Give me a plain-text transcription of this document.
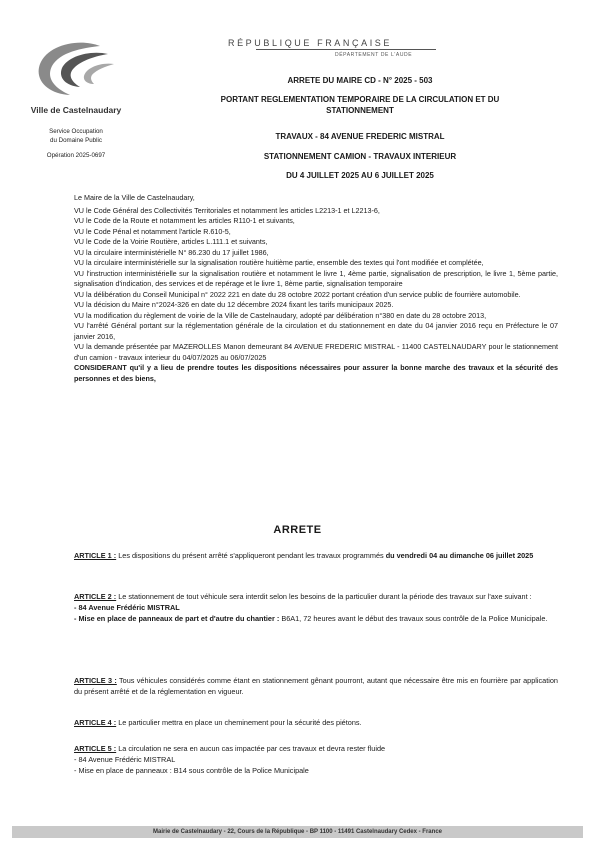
Ville de Castelnaudary
Service Occupation
du Domaine Public
Opération 2025-0697
RÉPUBLIQUE FRANÇAISE
DÉPARTEMENT DE L'AUDE
ARRETE DU MAIRE CD - N° 2025 - 503
PORTANT REGLEMENTATION TEMPORAIRE DE LA CIRCULATION ET DU
STATIONNEMENT
TRAVAUX - 84 AVENUE FREDERIC MISTRAL
STATIONNEMENT CAMION - TRAVAUX INTERIEUR
DU 4 JUILLET 2025 AU 6 JUILLET 2025
Le Maire de la Ville de Castelnaudary,

VU le Code Général des Collectivités Territoriales et notamment les articles L2213-1 et L2213-6,

VU le Code de la Route et notamment les articles R110-1 et suivants,

VU le Code Pénal et notamment l'article R.610-5,

VU le Code de la Voirie Routière, articles L.111.1 et suivants,

VU la circulaire interministérielle N° 86.230 du 17 juillet 1986,

VU la circulaire interministérielle sur la signalisation routière huitième partie, ensemble des textes qui l'ont modifiée et complétée,

VU l'instruction interministérielle sur la signalisation routière et notamment le livre 1, 4ème partie, signalisation de prescription, le livre 1, 5ème partie, signalisation d'indication, des services et de repérage et le livre 1, 8ème partie, signalisation temporaire

VU la délibération du Conseil Municipal n° 2022 221 en date du 28 octobre 2022 portant création d'un service public de fourrière automobile.

VU la décision du Maire n°2024-326 en date du 12 décembre 2024 fixant les tarifs municipaux 2025.

VU la modification du règlement de voirie de la Ville de Castelnaudary, adopté par délibération n°380 en date du 28 octobre 2013,

VU l'arrêté Général portant sur la réglementation générale de la circulation et du stationnement en date du 04 janvier 2016 reçu en Préfecture le 07 janvier 2016,

VU la demande présentée par MAZEROLLES Manon demeurant 84 AVENUE FREDERIC MISTRAL - 11400 CASTELNAUDARY pour le stationnement d'un camion - travaux interieur du 04/07/2025 au 06/07/2025

CONSIDERANT qu'il y a lieu de prendre toutes les dispositions nécessaires pour assurer la bonne marche des travaux et la sécurité des personnes et des biens,

ARRETE
ARTICLE 1 : Les dispositions du présent arrêté s'appliqueront pendant les travaux programmés du vendredi 04 au dimanche 06 juillet 2025
ARTICLE 2 : Le stationnement de tout véhicule sera interdit selon les besoins de la particulier durant la période des travaux sur l'axe suivant :
- 84 Avenue Frédéric MISTRAL
- Mise en place de panneaux de part et d'autre du chantier : B6A1, 72 heures avant le début des travaux sous contrôle de la Police Municipale.
ARTICLE 3 : Tous véhicules considérés comme étant en stationnement gênant pourront, autant que nécessaire être mis en fourrière par application du présent arrêté et de la réglementation en vigueur.
ARTICLE 4 : Le particulier mettra en place un cheminement pour la sécurité des piétons.
ARTICLE 5 : La circulation ne sera en aucun cas impactée par ces travaux et devra rester fluide
- 84 Avenue Frédéric MISTRAL
- Mise en place de panneaux : B14 sous contrôle de la Police Municipale
Mairie de Castelnaudary - 22, Cours de la République - BP 1100 - 11491 Castelnaudary Cedex - France
